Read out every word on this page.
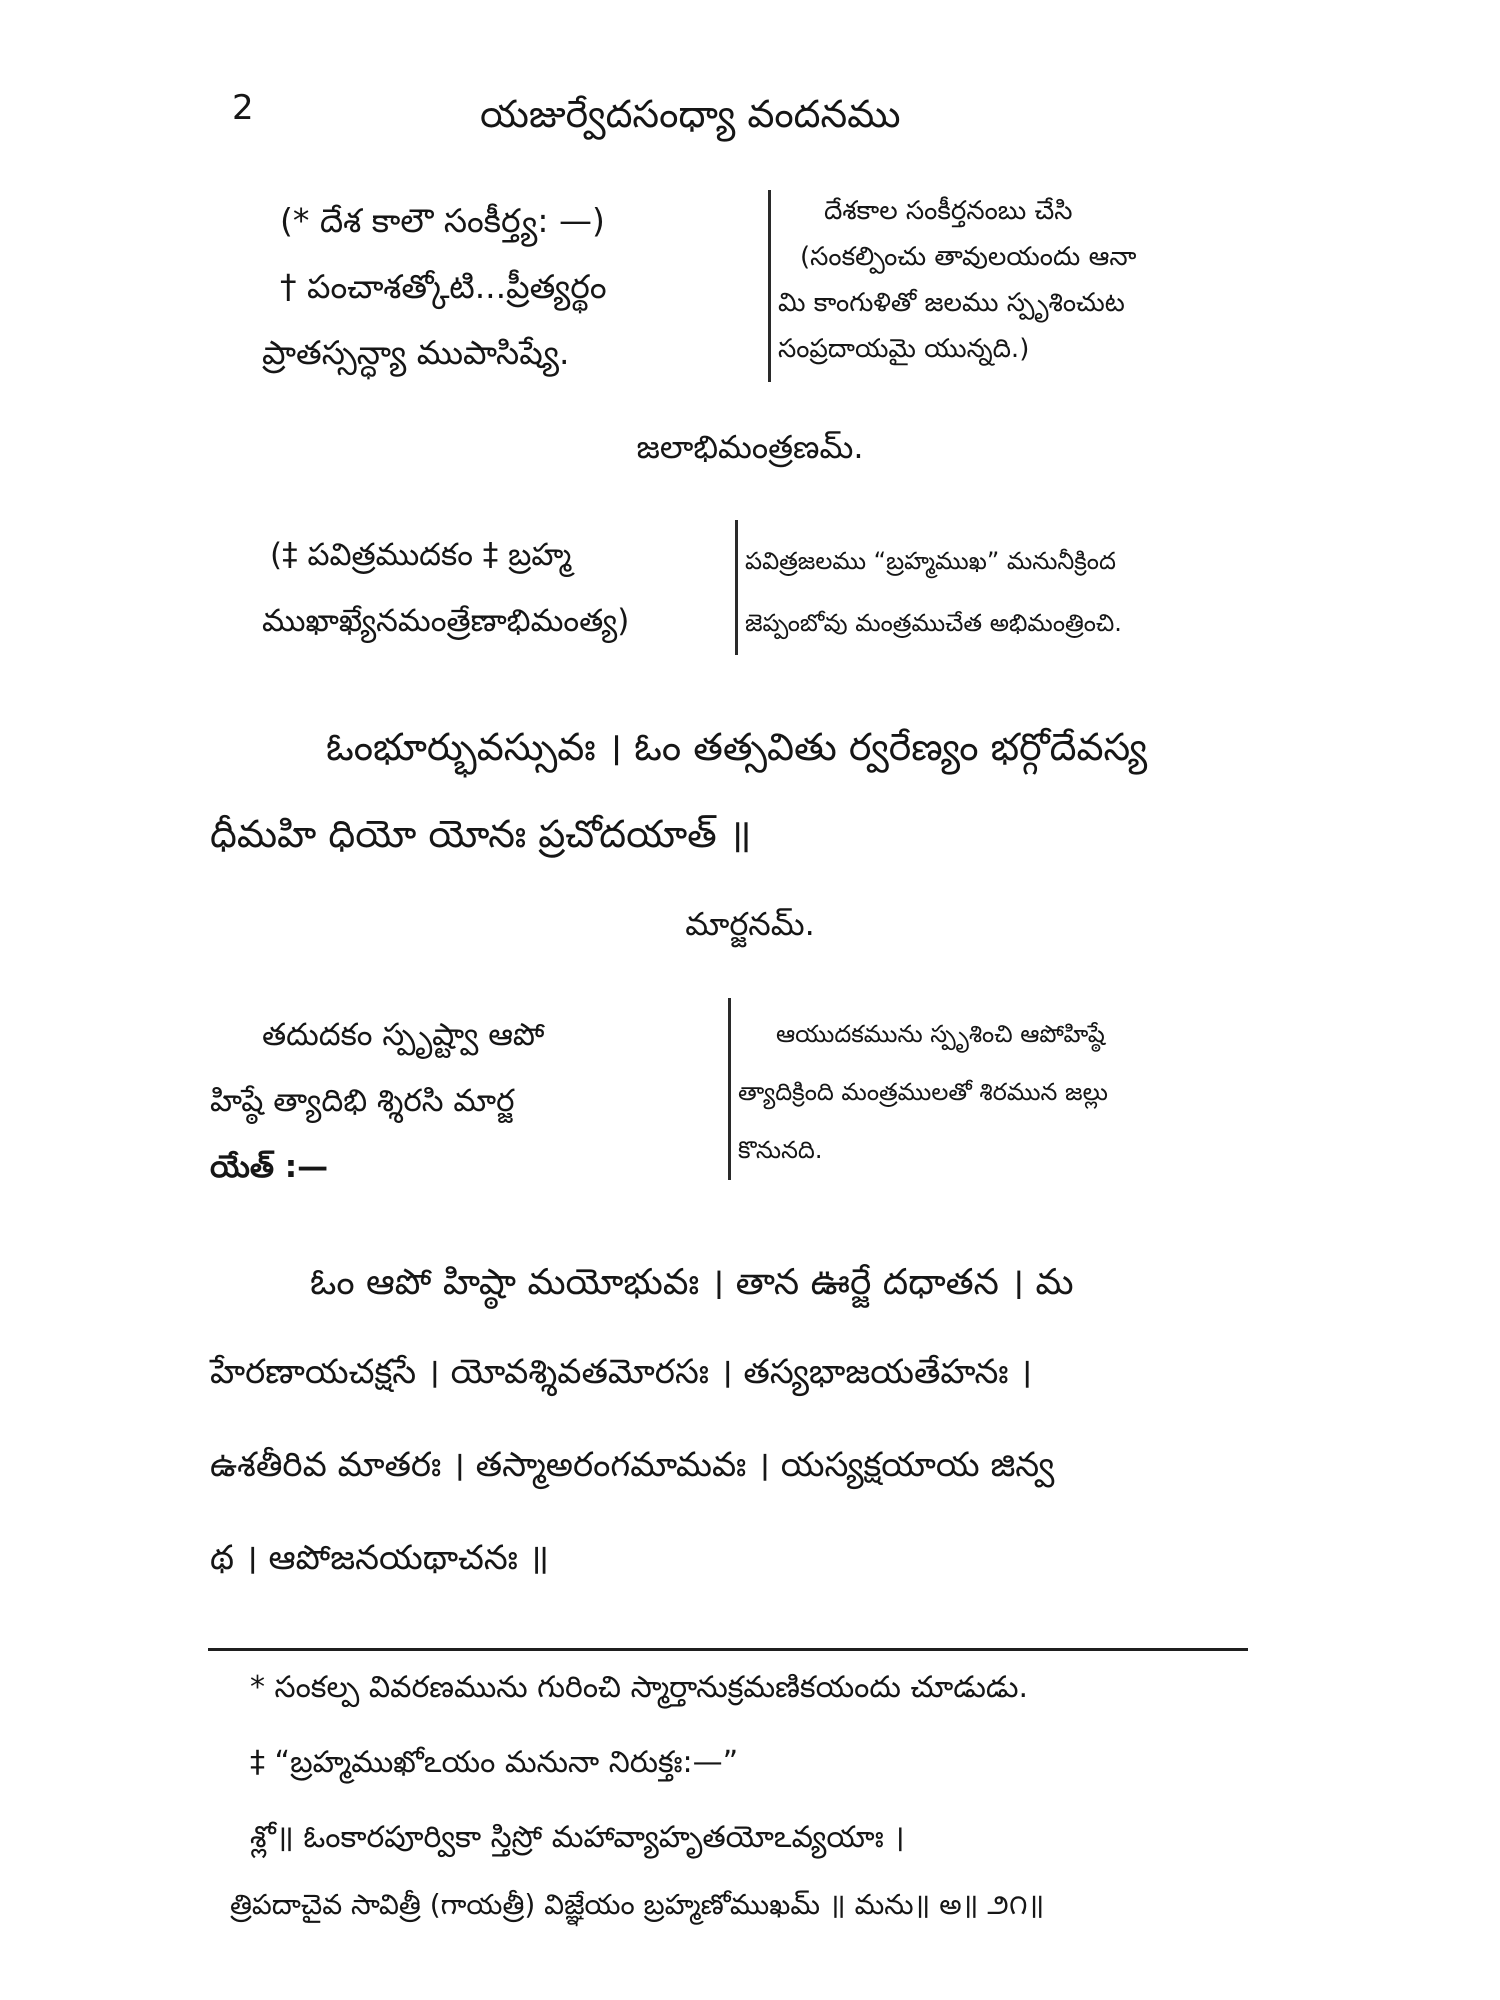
2	యజుర్వేదసంధ్యా వందనము
(* దేశ కాలౌ సంకీర్త్య: —)
† పంచాశత్కోటి...ప్రీత్యర్థం
ప్రాతస్సన్ధ్యా ముపాసిష్యే.
దేశకాల సంకీర్తనంబు చేసి
(సంకల్పించు తావులయందు ఆనా
మి కాంగుళితో జలము స్పృశించుట
సంప్రదాయమై యున్నది.)
జలాభిమంత్రణమ్.
(‡ పవిత్రముదకం ‡ బ్రహ్మ
ముఖాఖ్యేనమంత్రేణాభిమంత్య)
పవిత్రజలము “బ్రహ్మముఖ” మనునీక్రింద
జెప్పంబోవు మంత్రముచేత అభిమంత్రించి.
ఓంభూర్భువస్సువః । ఓం తత్సవితు ర్వరేణ్యం భర్గోదేవస్య
ధీమహి ధియో యోనః ప్రచోదయాత్ ॥
మార్జనమ్.
తదుదకం స్పృష్ట్వా ఆపో
హిష్ఠే త్యాదిభి శ్శిరసి మార్జ
యేత్ :—
ఆయుదకమును స్పృశించి ఆపోహిష్ఠే
త్యాదిక్రింది మంత్రములతో శిరమున జల్లు
కొనునది.
ఓం ఆపో హిష్ఠా మయోభువః । తాన ఊర్జే దధాతన । మ
హేరణాయచక్షసే । యోవశ్శివతమోరసః । తస్యభాజయతేహనః ।
ఉశతీరివ మాతరః । తస్మాఅరంగమామవః । యస్యక్షయాయ జిన్వ
థ । ఆపోజనయథాచనః ॥
* సంకల్ప వివరణమును గురించి స్మార్తానుక్రమణికయందు చూడుడు.
‡ “బ్రహ్మముఖోఽయం మనునా నిరుక్తః:—”
శ్లో॥ ఓంకారపూర్వికా స్తిస్రో మహావ్యాహృతయోఽవ్యయాః ।
త్రిపదాచైవ సావిత్రీ (గాయత్రీ) విజ్ఞేయం బ్రహ్మణోముఖమ్ ॥ మను॥ అ॥ ౨౧॥
